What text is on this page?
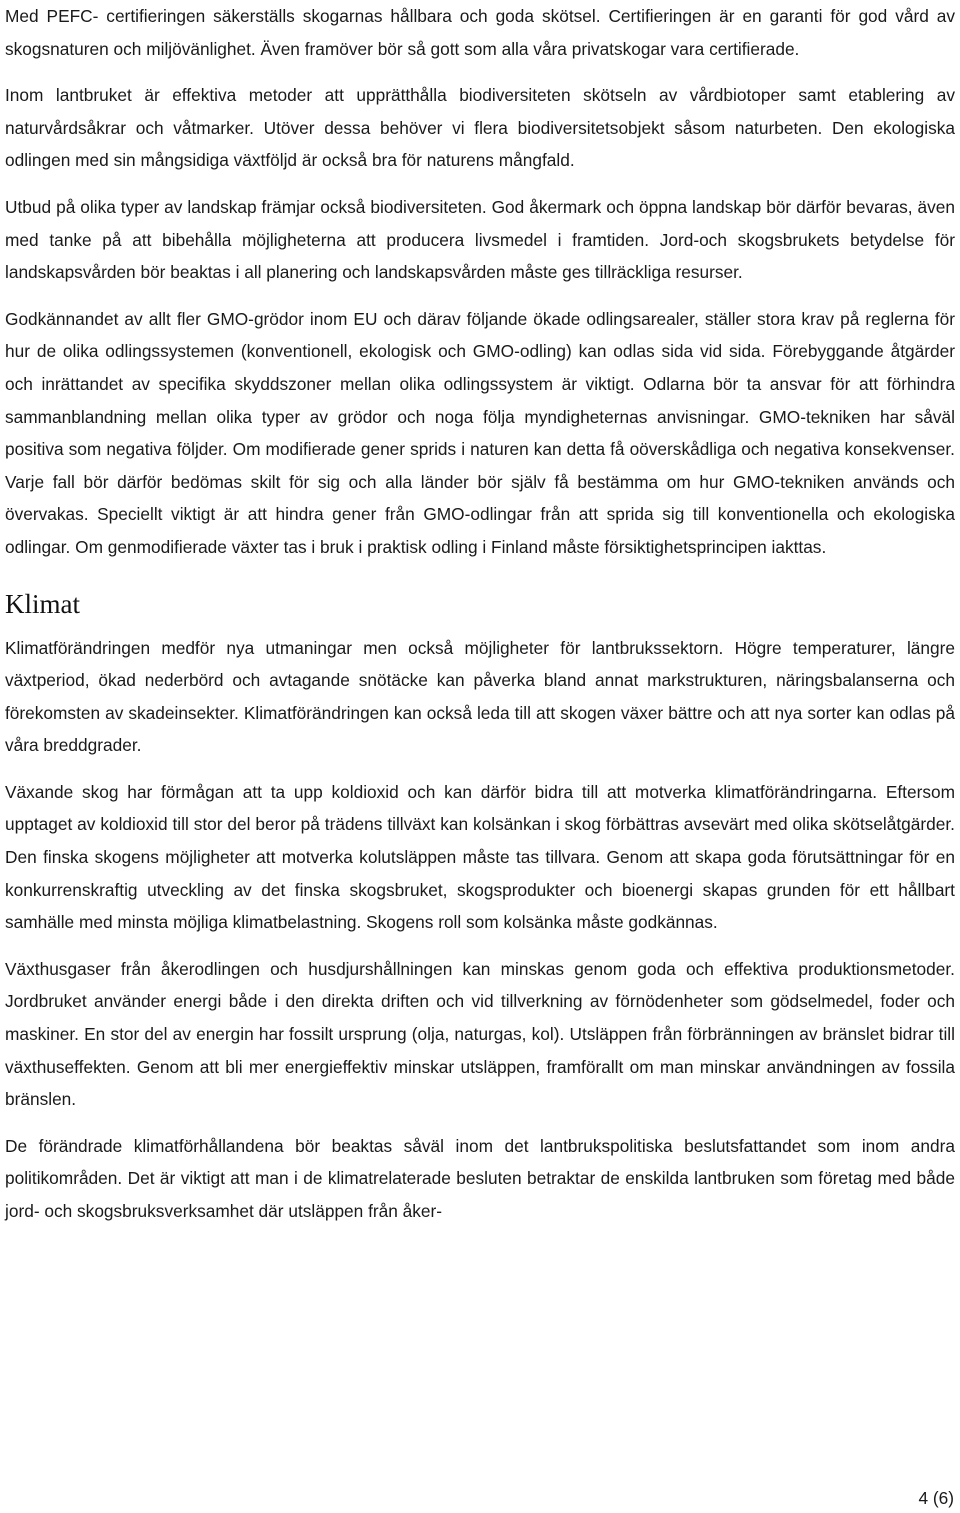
Med PEFC- certifieringen säkerställs skogarnas hållbara och goda skötsel. Certifieringen är en garanti för god vård av skogsnaturen och miljövänlighet. Även framöver bör så gott som alla våra privatskogar vara certifierade.

Inom lantbruket är effektiva metoder att upprätthålla biodiversiteten skötseln av vårdbiotoper samt etablering av naturvårdsåkrar och våtmarker. Utöver dessa behöver vi flera biodiversitetsobjekt såsom naturbeten. Den ekologiska odlingen med sin mångsidiga växtföljd är också bra för naturens mångfald.

Utbud på olika typer av landskap främjar också biodiversiteten. God åkermark och öppna landskap bör därför bevaras, även med tanke på att bibehålla möjligheterna att producera livsmedel i framtiden. Jord-och skogsbrukets betydelse för landskapsvården bör beaktas i all planering och landskapsvården måste ges tillräckliga resurser.

Godkännandet av allt fler GMO-grödor inom EU och därav följande ökade odlingsarealer, ställer stora krav på reglerna för hur de olika odlingssystemen (konventionell, ekologisk och GMO-odling) kan odlas sida vid sida. Förebyggande åtgärder och inrättandet av specifika skyddszoner mellan olika odlingssystem är viktigt. Odlarna bör ta ansvar för att förhindra sammanblandning mellan olika typer av grödor och noga följa myndigheternas anvisningar. GMO-tekniken har såväl positiva som negativa följder. Om modifierade gener sprids i naturen kan detta få oöverskådliga och negativa konsekvenser. Varje fall bör därför bedömas skilt för sig och alla länder bör själv få bestämma om hur GMO-tekniken används och övervakas. Speciellt viktigt är att hindra gener från GMO-odlingar från att sprida sig till konventionella och ekologiska odlingar. Om genmodifierade växter tas i bruk i praktisk odling i Finland måste försiktighetsprincipen iakttas.

Klimat

Klimatförändringen medför nya utmaningar men också möjligheter för lantbrukssektorn. Högre temperaturer, längre växtperiod, ökad nederbörd och avtagande snötäcke kan påverka bland annat markstrukturen, näringsbalanserna och förekomsten av skadeinsekter. Klimatförändringen kan också leda till att skogen växer bättre och att nya sorter kan odlas på våra breddgrader.

Växande skog har förmågan att ta upp koldioxid och kan därför bidra till att motverka klimatförändringarna. Eftersom upptaget av koldioxid till stor del beror på trädens tillväxt kan kolsänkan i skog förbättras avsevärt med olika skötselåtgärder. Den finska skogens möjligheter att motverka kolutsläppen måste tas tillvara. Genom att skapa goda förutsättningar för en konkurrenskraftig utveckling av det finska skogsbruket, skogsprodukter och bioenergi skapas grunden för ett hållbart samhälle med minsta möjliga klimatbelastning. Skogens roll som kolsänka måste godkännas.

Växthusgaser från åkerodlingen och husdjurshållningen kan minskas genom goda och effektiva produktionsmetoder. Jordbruket använder energi både i den direkta driften och vid tillverkning av förnödenheter som gödselmedel, foder och maskiner. En stor del av energin har fossilt ursprung (olja, naturgas, kol). Utsläppen från förbränningen av bränslet bidrar till växthuseffekten. Genom att bli mer energieffektiv minskar utsläppen, framförallt om man minskar användningen av fossila bränslen.

De förändrade klimatförhållandena bör beaktas såväl inom det lantbrukspolitiska beslutsfattandet som inom andra politikområden. Det är viktigt att man i de klimatrelaterade besluten betraktar de enskilda lantbruken som företag med både jord- och skogsbruksverksamhet där utsläppen från åker-

4 (6)
